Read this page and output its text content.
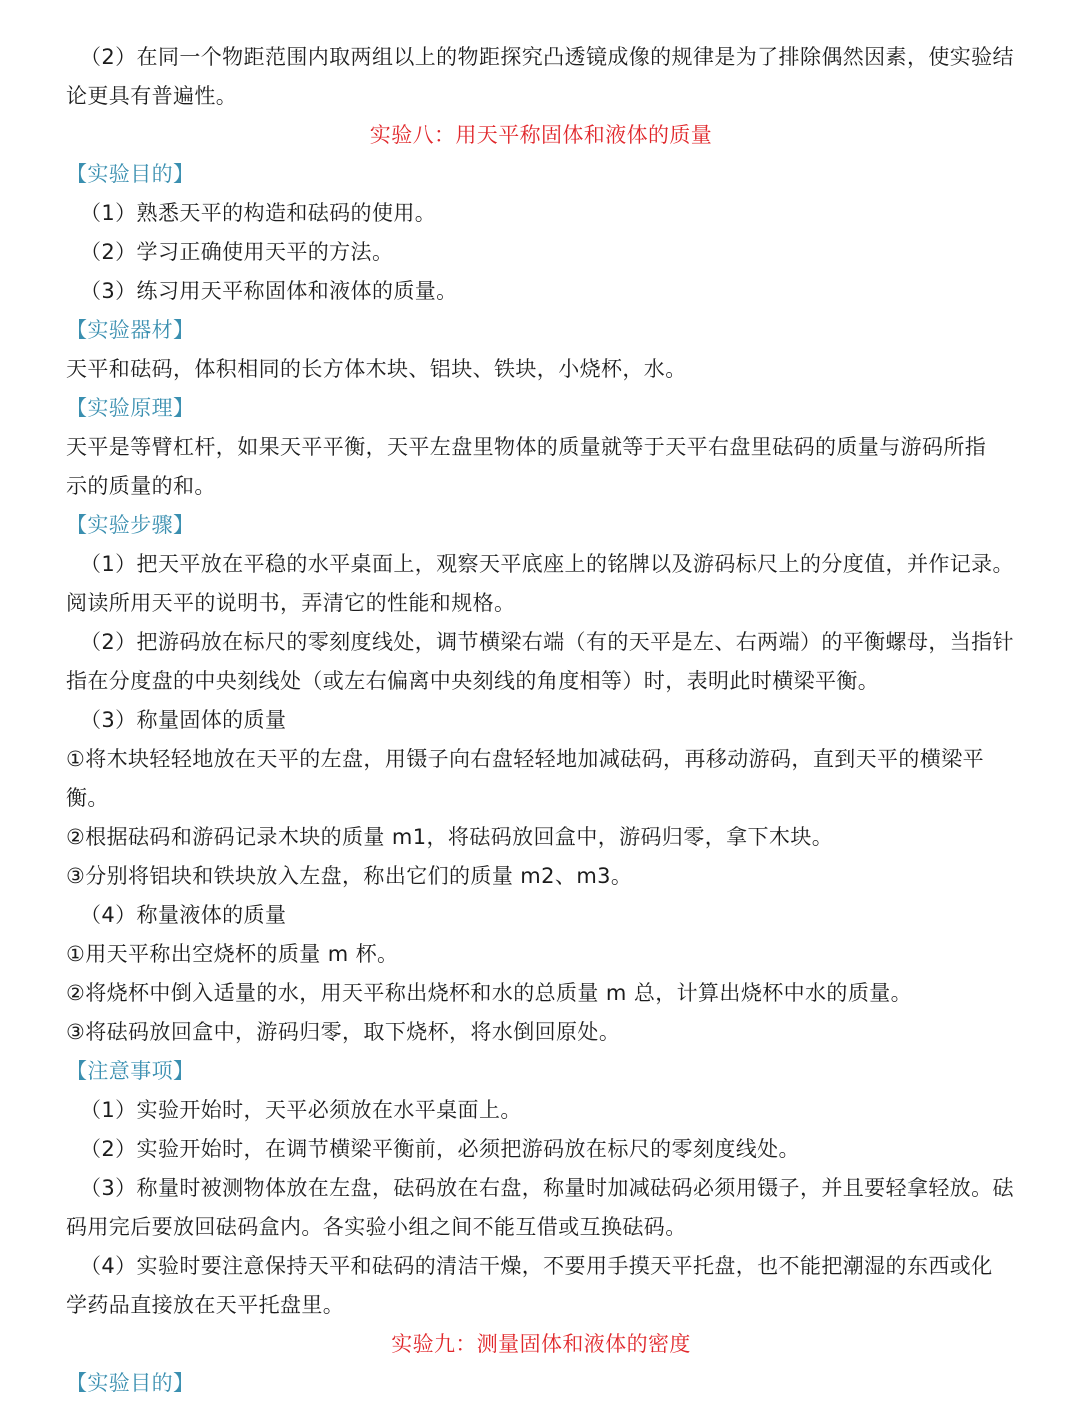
（2）在同一个物距范围内取两组以上的物距探究凸透镜成像的规律是为了排除偶然因素，使实验结
论更具有普遍性。
实验八：用天平称固体和液体的质量
【实验目的】
（1）熟悉天平的构造和砝码的使用。
（2）学习正确使用天平的方法。
（3）练习用天平称固体和液体的质量。
【实验器材】
天平和砝码，体积相同的长方体木块、铝块、铁块，小烧杯，水。
【实验原理】
天平是等臂杠杆，如果天平平衡，天平左盘里物体的质量就等于天平右盘里砝码的质量与游码所指
示的质量的和。
【实验步骤】
（1）把天平放在平稳的水平桌面上，观察天平底座上的铭牌以及游码标尺上的分度值，并作记录。
阅读所用天平的说明书，弄清它的性能和规格。
（2）把游码放在标尺的零刻度线处，调节横梁右端（有的天平是左、右两端）的平衡螺母，当指针
指在分度盘的中央刻线处（或左右偏离中央刻线的角度相等）时，表明此时横梁平衡。
（3）称量固体的质量
①将木块轻轻地放在天平的左盘，用镊子向右盘轻轻地加减砝码，再移动游码，直到天平的横梁平
衡。
②根据砝码和游码记录木块的质量 m1，将砝码放回盒中，游码归零，拿下木块。
③分别将铝块和铁块放入左盘，称出它们的质量 m2、m3。
（4）称量液体的质量
①用天平称出空烧杯的质量 m 杯。
②将烧杯中倒入适量的水，用天平称出烧杯和水的总质量 m 总，计算出烧杯中水的质量。
③将砝码放回盒中，游码归零，取下烧杯，将水倒回原处。
【注意事项】
（1）实验开始时，天平必须放在水平桌面上。
（2）实验开始时，在调节横梁平衡前，必须把游码放在标尺的零刻度线处。
（3）称量时被测物体放在左盘，砝码放在右盘，称量时加减砝码必须用镊子，并且要轻拿轻放。砝
码用完后要放回砝码盒内。各实验小组之间不能互借或互换砝码。
（4）实验时要注意保持天平和砝码的清洁干燥，不要用手摸天平托盘，也不能把潮湿的东西或化
学药品直接放在天平托盘里。
实验九：测量固体和液体的密度
【实验目的】
